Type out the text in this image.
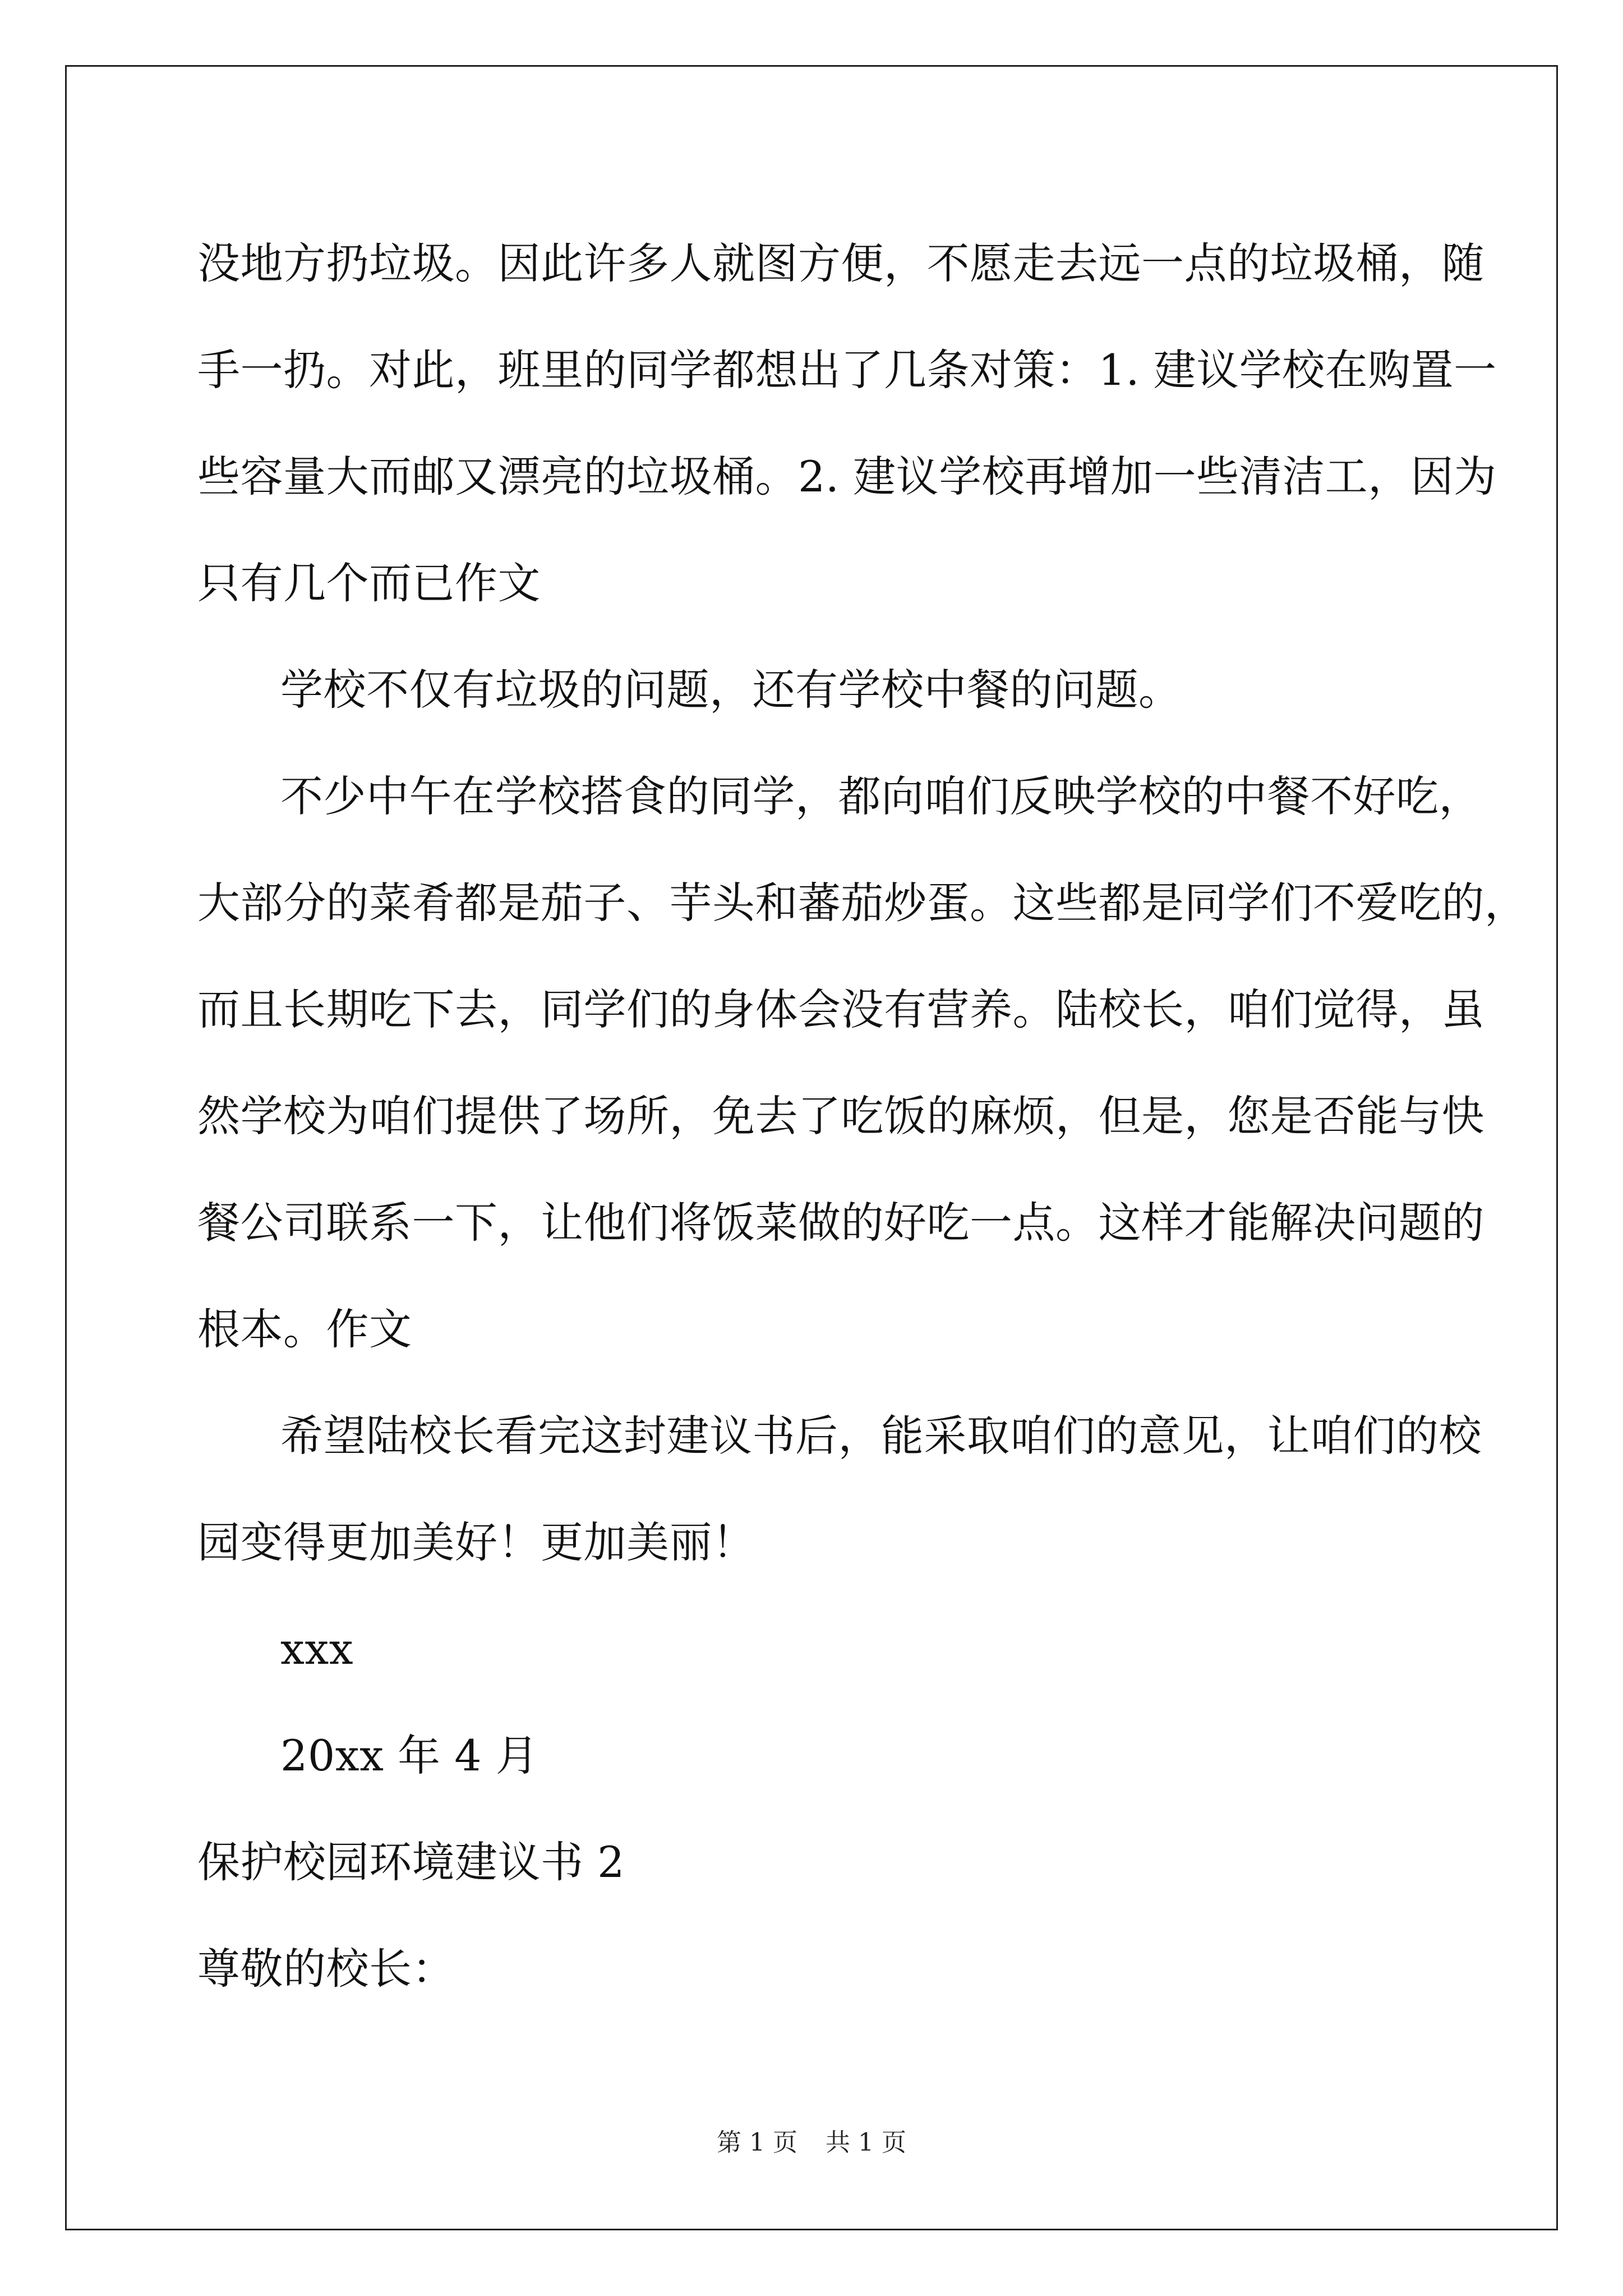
没地方扔垃圾。因此许多人就图方便，不愿走去远一点的垃圾桶，随
手一扔。对此，班里的同学都想出了几条对策：1. 建议学校在购置一
些容量大而邮又漂亮的垃圾桶。2. 建议学校再增加一些清洁工，因为
只有几个而已作文
学校不仅有垃圾的问题，还有学校中餐的问题。
不少中午在学校搭食的同学，都向咱们反映学校的中餐不好吃，
大部分的菜肴都是茄子、芋头和蕃茄炒蛋。这些都是同学们不爱吃的，
而且长期吃下去，同学们的身体会没有营养。陆校长，咱们觉得，虽
然学校为咱们提供了场所，免去了吃饭的麻烦，但是，您是否能与快
餐公司联系一下，让他们将饭菜做的好吃一点。这样才能解决问题的
根本。作文
希望陆校长看完这封建议书后，能采取咱们的意见，让咱们的校
园变得更加美好！更加美丽！
xxx
20xx 年 4 月
保护校园环境建议书 2
尊敬的校长：
第 1 页 共 1 页
